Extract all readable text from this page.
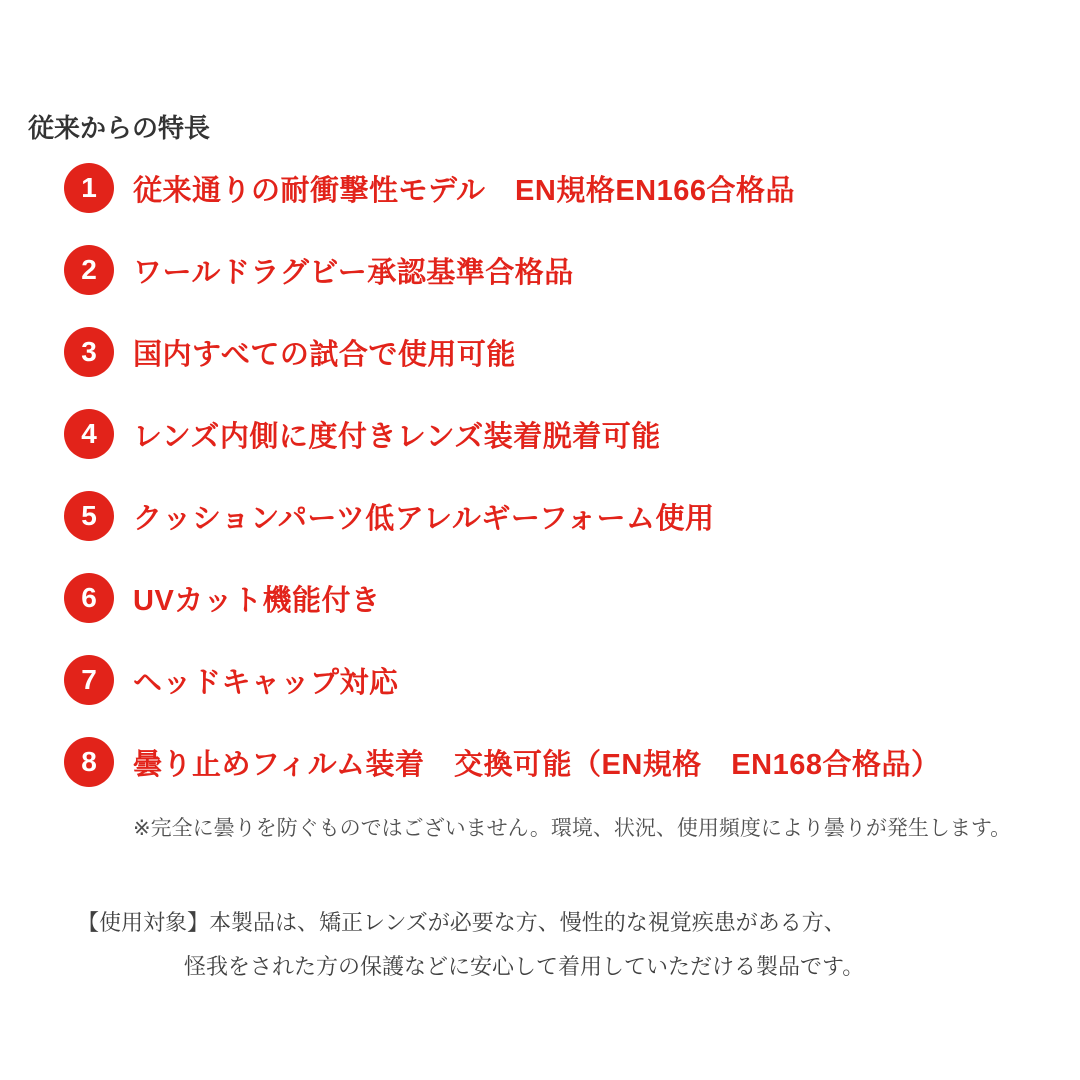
従来からの特長
1	従来通りの耐衝撃性モデル　EN規格EN166合格品
2	ワールドラグビー承認基準合格品
3	国内すべての試合で使用可能
4	レンズ内側に度付きレンズ装着脱着可能
5	クッションパーツ低アレルギーフォーム使用
6	UVカット機能付き
7	ヘッドキャップ対応
8	曇り止めフィルム装着　交換可能（EN規格　EN168合格品）
※完全に曇りを防ぐものではございません。環境、状況、使用頻度により曇りが発生します。
【使用対象】本製品は、矯正レンズが必要な方、慢性的な視覚疾患がある方、
怪我をされた方の保護などに安心して着用していただける製品です。
